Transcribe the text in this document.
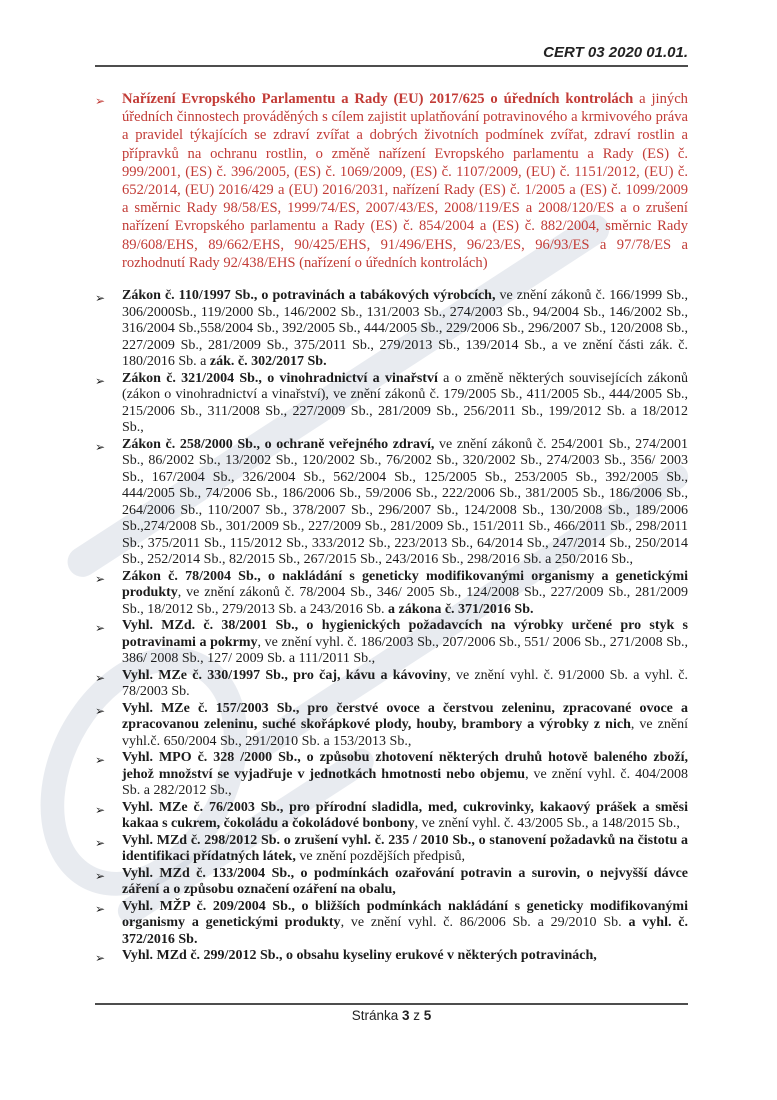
CERT 03 2020 01.01.
➢	Nařízení Evropského Parlamentu a Rady (EU) 2017/625 o úředních kontrolách a jiných úředních činnostech prováděných s cílem zajistit uplatňování potravinového a krmivového práva a pravidel týkajících se zdraví zvířat a dobrých životních podmínek zvířat, zdraví rostlin a přípravků na ochranu rostlin, o změně nařízení Evropského parlamentu a Rady (ES) č. 999/2001, (ES) č. 396/2005, (ES) č. 1069/2009, (ES) č. 1107/2009, (EU) č. 1151/2012, (EU) č. 652/2014, (EU) 2016/429 a (EU) 2016/2031, nařízení Rady (ES) č. 1/2005 a (ES) č. 1099/2009 a směrnic Rady 98/58/ES, 1999/74/ES, 2007/43/ES, 2008/119/ES a 2008/120/ES a o zrušení nařízení Evropského parlamentu a Rady (ES) č. 854/2004 a (ES) č. 882/2004, směrnic Rady 89/608/EHS, 89/662/EHS, 90/425/EHS, 91/496/EHS, 96/23/ES, 96/93/ES a 97/78/ES a rozhodnutí Rady 92/438/EHS (nařízení o úředních kontrolách)
➢	Zákon č. 110/1997 Sb., o potravinách a tabákových výrobcích, ve znění zákonů č. 166/1999 Sb., 306/2000Sb., 119/2000 Sb., 146/2002 Sb., 131/2003 Sb., 274/2003 Sb., 94/2004 Sb., 146/2002 Sb., 316/2004 Sb.,558/2004 Sb., 392/2005 Sb., 444/2005 Sb., 229/2006 Sb., 296/2007 Sb., 120/2008 Sb., 227/2009 Sb., 281/2009 Sb., 375/2011 Sb., 279/2013 Sb., 139/2014 Sb., a ve znění části zák. č. 180/2016 Sb. a zák. č. 302/2017 Sb.
➢	Zákon č. 321/2004 Sb., o vinohradnictví a vinařství a o změně některých souvisejících zákonů (zákon o vinohradnictví a vinařství), ve znění zákonů č. 179/2005 Sb., 411/2005 Sb., 444/2005 Sb., 215/2006 Sb., 311/2008 Sb., 227/2009 Sb., 281/2009 Sb., 256/2011 Sb., 199/2012 Sb. a 18/2012 Sb.,
➢	Zákon č. 258/2000 Sb., o ochraně veřejného zdraví, ve znění zákonů č. 254/2001 Sb., 274/2001 Sb., 86/2002 Sb., 13/2002 Sb., 120/2002 Sb., 76/2002 Sb., 320/2002 Sb., 274/2003 Sb., 356/ 2003 Sb., 167/2004 Sb., 326/2004 Sb., 562/2004 Sb., 125/2005 Sb., 253/2005 Sb., 392/2005 Sb., 444/2005 Sb., 74/2006 Sb., 186/2006 Sb., 59/2006 Sb., 222/2006 Sb., 381/2005 Sb., 186/2006 Sb., 264/2006 Sb., 110/2007 Sb., 378/2007 Sb., 296/2007 Sb., 124/2008 Sb., 130/2008 Sb., 189/2006 Sb.,274/2008 Sb., 301/2009 Sb., 227/2009 Sb., 281/2009 Sb., 151/2011 Sb., 466/2011 Sb., 298/2011 Sb., 375/2011 Sb., 115/2012 Sb., 333/2012 Sb., 223/2013 Sb., 64/2014 Sb., 247/2014 Sb., 250/2014 Sb., 252/2014 Sb., 82/2015 Sb., 267/2015 Sb., 243/2016 Sb., 298/2016 Sb. a 250/2016 Sb.,
➢	Zákon č. 78/2004 Sb., o nakládání s geneticky modifikovanými organismy a genetickými produkty, ve znění zákonů č. 78/2004 Sb., 346/ 2005 Sb., 124/2008 Sb., 227/2009 Sb., 281/2009 Sb., 18/2012 Sb., 279/2013 Sb. a 243/2016 Sb. a zákona č. 371/2016 Sb.
➢	Vyhl. MZd. č. 38/2001 Sb., o hygienických požadavcích na výrobky určené pro styk s potravinami a pokrmy, ve znění vyhl. č. 186/2003 Sb., 207/2006 Sb., 551/ 2006 Sb., 271/2008 Sb., 386/ 2008 Sb., 127/ 2009 Sb. a 111/2011 Sb.,
➢	Vyhl. MZe č. 330/1997 Sb., pro čaj, kávu a kávoviny, ve znění vyhl. č. 91/2000 Sb. a vyhl. č. 78/2003 Sb.
➢	Vyhl. MZe č. 157/2003 Sb., pro čerstvé ovoce a čerstvou zeleninu, zpracované ovoce a zpracovanou zeleninu, suché skořápkové plody, houby, brambory a výrobky z nich, ve znění vyhl.č. 650/2004 Sb., 291/2010 Sb. a 153/2013 Sb.,
➢	Vyhl. MPO č. 328 /2000 Sb., o způsobu zhotovení některých druhů hotově baleného zboží, jehož množství se vyjadřuje v jednotkách hmotnosti nebo objemu, ve znění vyhl. č. 404/2008 Sb. a 282/2012 Sb.,
➢	Vyhl. MZe č. 76/2003 Sb., pro přírodní sladidla, med, cukrovinky, kakaový prášek a směsi kakaa s cukrem, čokoládu a čokoládové bonbony, ve znění vyhl. č. 43/2005 Sb., a 148/2015 Sb.,
➢	Vyhl. MZd č. 298/2012 Sb. o zrušení vyhl. č. 235 / 2010 Sb., o stanovení požadavků na čistotu a identifikaci přídatných látek, ve znění pozdějších předpisů,
➢	Vyhl. MZd č. 133/2004 Sb., o podmínkách ozařování potravin a surovin, o nejvyšší dávce záření a o způsobu označení ozáření na obalu,
➢	Vyhl. MŽP č. 209/2004 Sb., o bližších podmínkách nakládání s geneticky modifikovanými organismy a genetickými produkty, ve znění vyhl. č. 86/2006 Sb. a 29/2010 Sb. a vyhl. č. 372/2016 Sb.
➢	Vyhl. MZd č. 299/2012 Sb., o obsahu kyseliny erukové v některých potravinách,
Stránka 3 z 5
